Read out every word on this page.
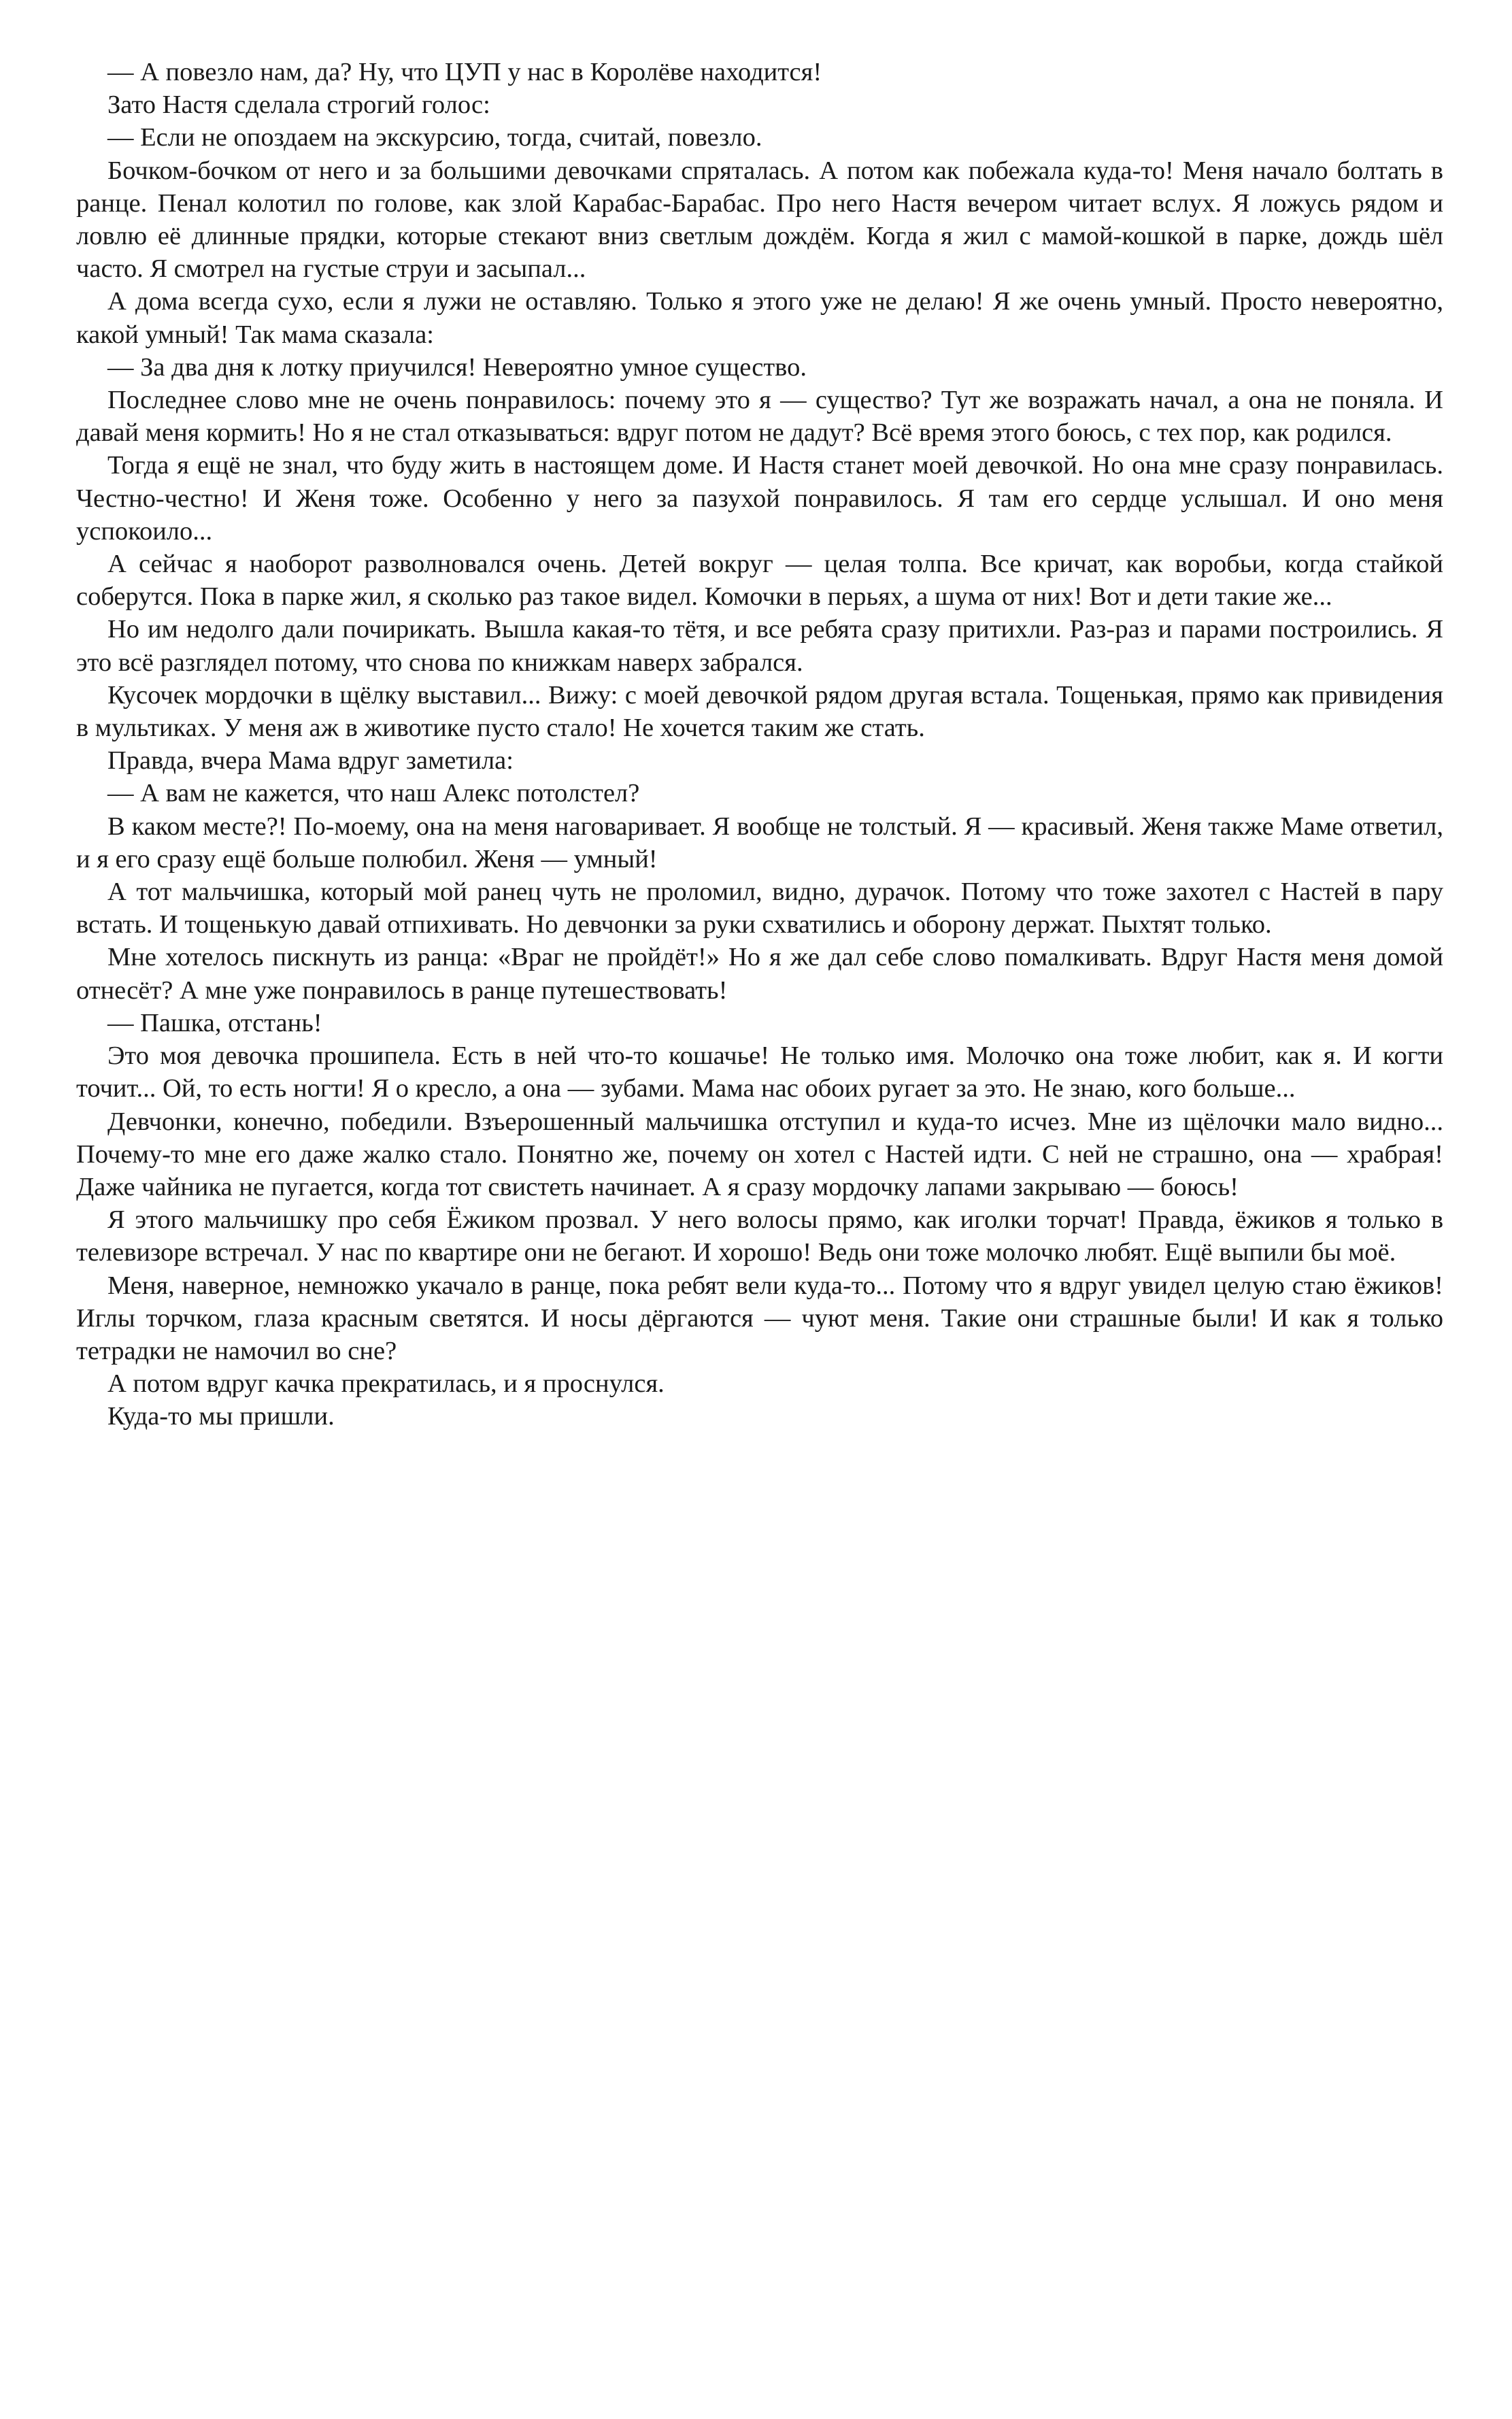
— А повезло нам, да? Ну, что ЦУП у нас в Королёве находится!

Зато Настя сделала строгий голос:

— Если не опоздаем на экскурсию, тогда, считай, повезло.

Бочком-бочком от него и за большими девочками спряталась. А потом как побежала куда-то! Меня начало болтать в ранце. Пенал колотил по голове, как злой Карабас-Барабас. Про него Настя вечером читает вслух. Я ложусь рядом и ловлю её длинные прядки, которые стекают вниз светлым дождём. Когда я жил с мамой-кошкой в парке, дождь шёл часто. Я смотрел на густые струи и засыпал...

А дома всегда сухо, если я лужи не оставляю. Только я этого уже не делаю! Я же очень умный. Просто невероятно, какой умный! Так мама сказала:

— За два дня к лотку приучился! Невероятно умное существо.

Последнее слово мне не очень понравилось: почему это я — существо? Тут же возражать начал, а она не поняла. И давай меня кормить! Но я не стал отказываться: вдруг потом не дадут? Всё время этого боюсь, с тех пор, как родился.

Тогда я ещё не знал, что буду жить в настоящем доме. И Настя станет моей девочкой. Но она мне сразу понравилась. Честно-честно! И Женя тоже. Особенно у него за пазухой понравилось. Я там его сердце услышал. И оно меня успокоило...

А сейчас я наоборот разволновался очень. Детей вокруг — целая толпа. Все кричат, как воробьи, когда стайкой соберутся. Пока в парке жил, я сколько раз такое видел. Комочки в перьях, а шума от них! Вот и дети такие же...

Но им недолго дали почирикать. Вышла какая-то тётя, и все ребята сразу притихли. Раз-раз и парами построились. Я это всё разглядел потому, что снова по книжкам наверх забрался.

Кусочек мордочки в щёлку выставил... Вижу: с моей девочкой рядом другая встала. Тощенькая, прямо как привидения в мультиках. У меня аж в животике пусто стало! Не хочется таким же стать.

Правда, вчера Мама вдруг заметила:

— А вам не кажется, что наш Алекс потолстел?

В каком месте?! По-моему, она на меня наговаривает. Я вообще не толстый. Я — красивый. Женя также Маме ответил, и я его сразу ещё больше полюбил. Женя — умный!

А тот мальчишка, который мой ранец чуть не проломил, видно, дурачок. Потому что тоже захотел с Настей в пару встать. И тощенькую давай отпихивать. Но девчонки за руки схватились и оборону держат. Пыхтят только.

Мне хотелось пискнуть из ранца: «Враг не пройдёт!» Но я же дал себе слово помалкивать. Вдруг Настя меня домой отнесёт? А мне уже понравилось в ранце путешествовать!

— Пашка, отстань!

Это моя девочка прошипела. Есть в ней что-то кошачье! Не только имя. Молочко она тоже любит, как я. И когти точит... Ой, то есть ногти! Я о кресло, а она — зубами. Мама нас обоих ругает за это. Не знаю, кого больше...

Девчонки, конечно, победили. Взъерошенный мальчишка отступил и куда-то исчез. Мне из щёлочки мало видно... Почему-то мне его даже жалко стало. Понятно же, почему он хотел с Настей идти. С ней не страшно, она — храбрая! Даже чайника не пугается, когда тот свистеть начинает. А я сразу мордочку лапами закрываю — боюсь!

Я этого мальчишку про себя Ёжиком прозвал. У него волосы прямо, как иголки торчат! Правда, ёжиков я только в телевизоре встречал. У нас по квартире они не бегают. И хорошо! Ведь они тоже молочко любят. Ещё выпили бы моё.

Меня, наверное, немножко укачало в ранце, пока ребят вели куда-то... Потому что я вдруг увидел целую стаю ёжиков! Иглы торчком, глаза красным светятся. И носы дёргаются — чуют меня. Такие они страшные были! И как я только тетрадки не намочил во сне?

А потом вдруг качка прекратилась, и я проснулся.

Куда-то мы пришли.
